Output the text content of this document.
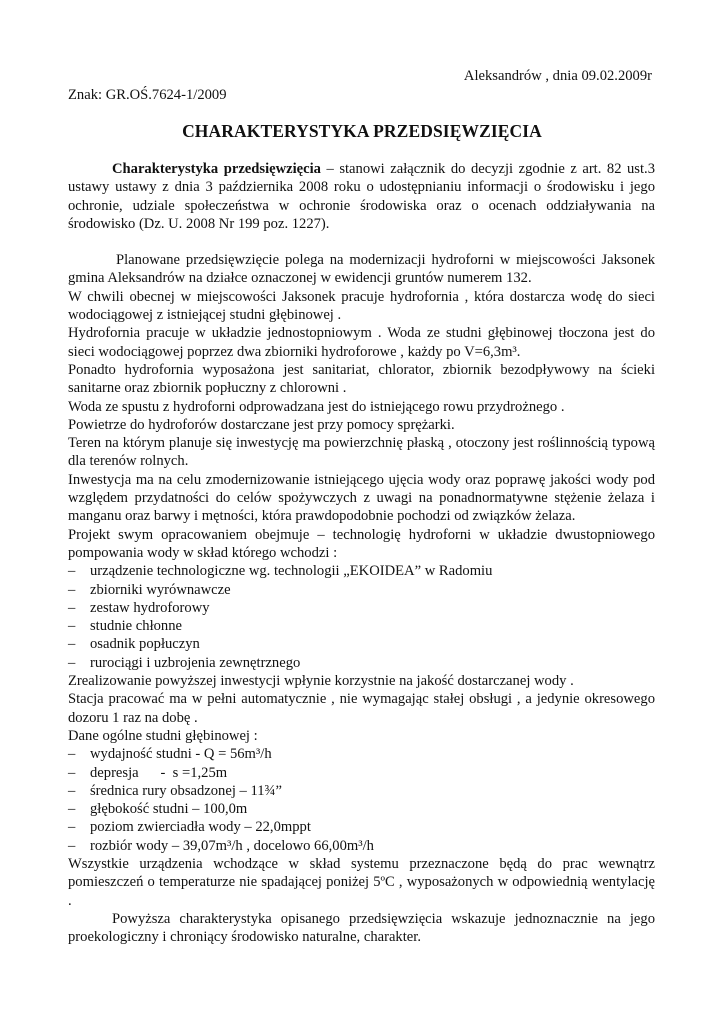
Aleksandrów , dnia 09.02.2009r
Znak: GR.OŚ.7624-1/2009
CHARAKTERYSTYKA PRZEDSIĘWZIĘCIA

Charakterystyka przedsięwzięcia – stanowi załącznik do decyzji zgodnie z art. 82 ust.3 ustawy ustawy z dnia 3 października 2008 roku o udostępnianiu informacji o środowisku i jego ochronie, udziale społeczeństwa w ochronie środowiska oraz o ocenach oddziaływania na środowisko (Dz. U. 2008 Nr 199 poz. 1227).

Planowane przedsięwzięcie polega na modernizacji hydroforni w miejscowości Jaksonek gmina Aleksandrów na działce oznaczonej w ewidencji gruntów numerem 132.

W chwili obecnej w miejscowości Jaksonek pracuje hydrofornia , która dostarcza wodę do sieci wodociągowej z istniejącej studni głębinowej .

Hydrofornia pracuje w układzie jednostopniowym . Woda ze studni głębinowej tłoczona jest do sieci wodociągowej poprzez dwa zbiorniki hydroforowe , każdy po V=6,3m³.

Ponadto hydrofornia wyposażona jest sanitariat, chlorator, zbiornik bezodpływowy na ścieki sanitarne oraz zbiornik popłuczny z chlorowni .

Woda ze spustu z hydroforni odprowadzana jest do istniejącego rowu przydrożnego .

Powietrze do hydroforów dostarczane jest przy pomocy sprężarki.

Teren na którym planuje się inwestycję ma powierzchnię płaską , otoczony jest roślinnością typową dla terenów rolnych.

Inwestycja ma na celu zmodernizowanie istniejącego ujęcia wody oraz poprawę jakości wody pod względem przydatności do celów spożywczych z uwagi na ponadnormatywne stężenie żelaza i manganu oraz barwy i mętności, która prawdopodobnie pochodzi od związków żelaza.

Projekt swym opracowaniem obejmuje – technologię hydroforni w układzie dwustopniowego pompowania wody w skład którego wchodzi :

– urządzenie technologiczne wg. technologii „EKOIDEA” w Radomiu
– zbiorniki wyrównawcze
– zestaw hydroforowy
– studnie chłonne
– osadnik popłuczyn
– rurociągi i uzbrojenia zewnętrznego

Zrealizowanie powyższej inwestycji wpłynie korzystnie na jakość dostarczanej wody .

Stacja pracować ma w pełni automatycznie , nie wymagając stałej obsługi , a jedynie okresowego dozoru 1 raz na dobę .

Dane ogólne studni głębinowej :

– wydajność studni - Q = 56m³/h
– depresja      -  s =1,25m
– średnica rury obsadzonej – 11¾”
– głębokość studni – 100,0m
– poziom zwierciadła wody – 22,0mppt
– rozbiór wody – 39,07m³/h , docelowo 66,00m³/h

Wszystkie urządzenia wchodzące w skład systemu przeznaczone będą do prac wewnątrz pomieszczeń o temperaturze nie spadającej poniżej 5ºC , wyposażonych w odpowiednią wentylację .

Powyższa charakterystyka opisanego przedsięwzięcia wskazuje jednoznacznie na jego proekologiczny i chroniący środowisko naturalne, charakter.
